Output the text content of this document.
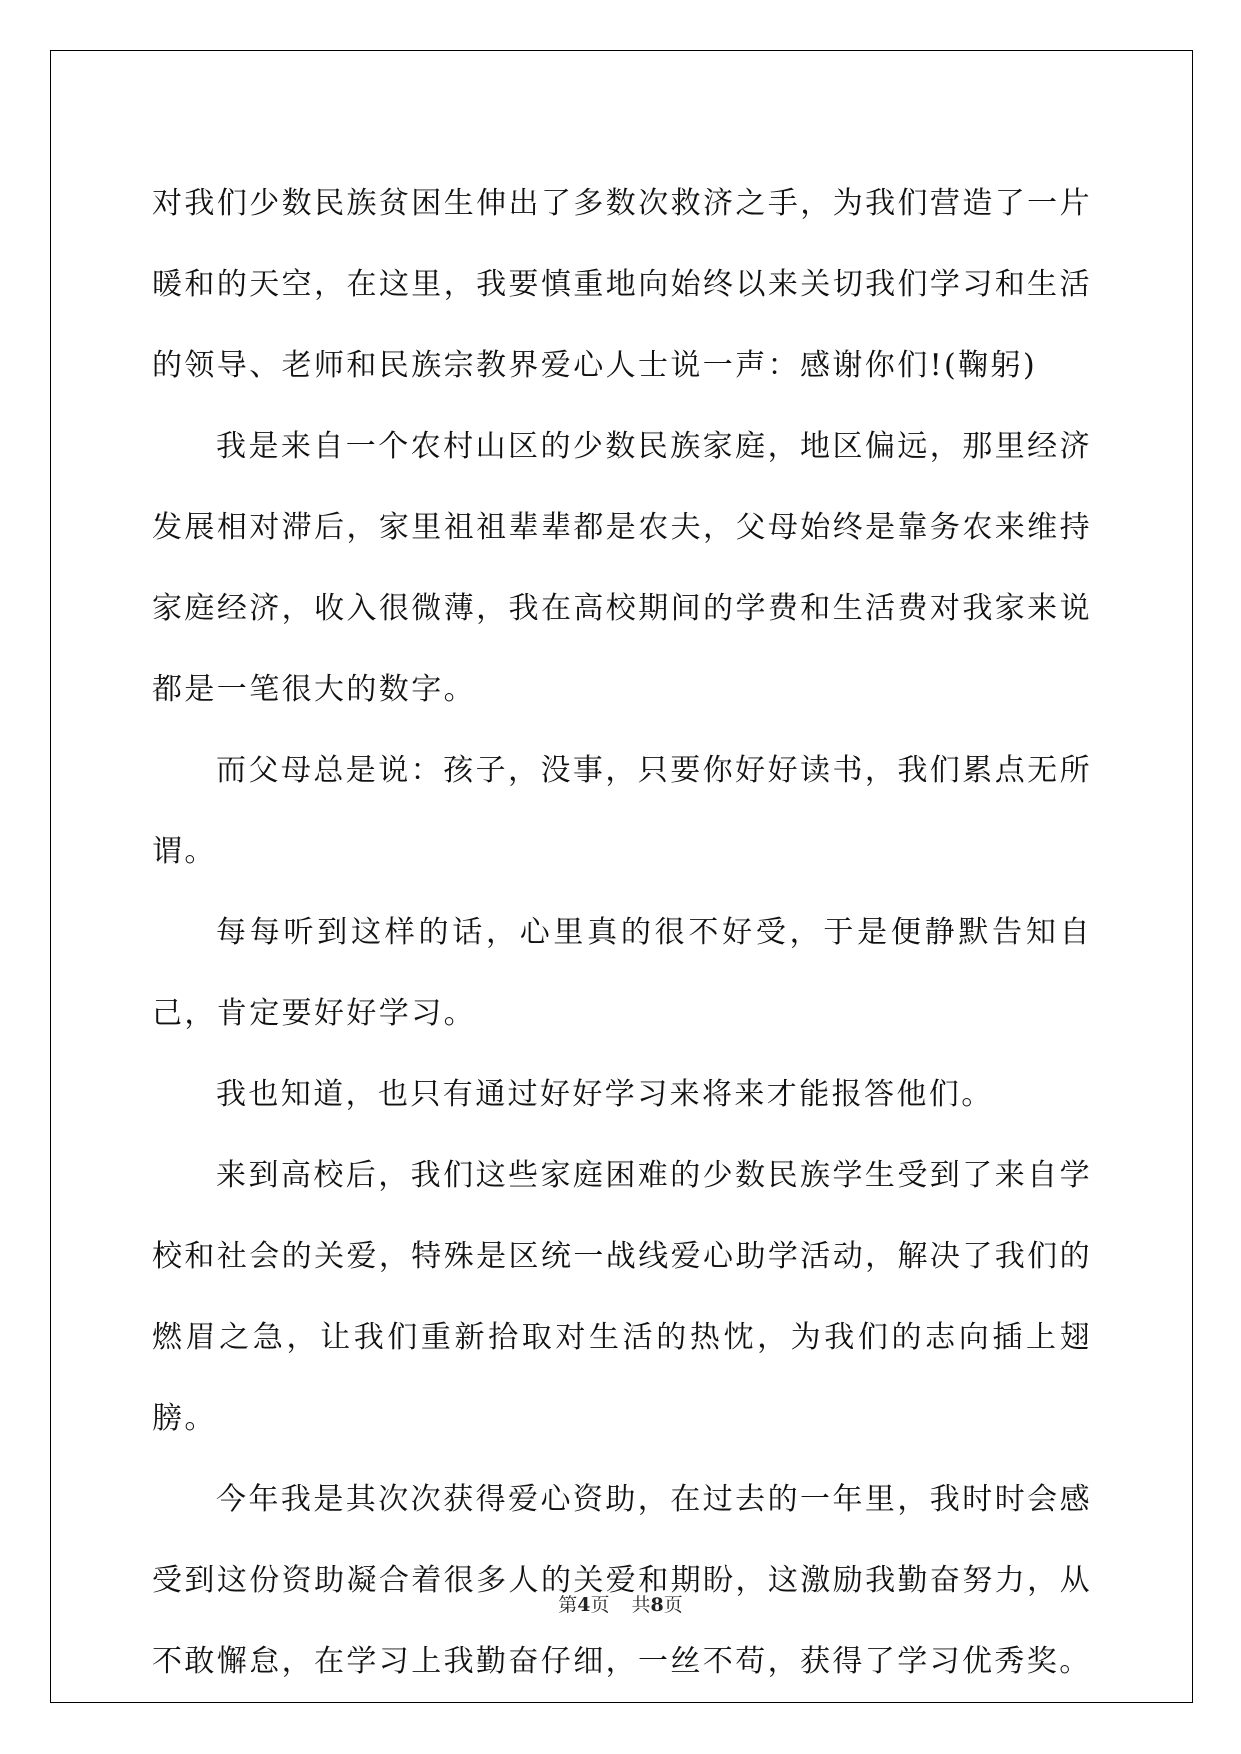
对我们少数民族贫困生伸出了多数次救济之手，为我们营造了一片暖和的天空，在这里，我要慎重地向始终以来关切我们学习和生活的领导、老师和民族宗教界爱心人士说一声：感谢你们!(鞠躬)

我是来自一个农村山区的少数民族家庭，地区偏远，那里经济发展相对滞后，家里祖祖辈辈都是农夫，父母始终是靠务农来维持家庭经济，收入很微薄，我在高校期间的学费和生活费对我家来说都是一笔很大的数字。

而父母总是说：孩子，没事，只要你好好读书，我们累点无所谓。

每每听到这样的话，心里真的很不好受，于是便静默告知自己，肯定要好好学习。

我也知道，也只有通过好好学习来将来才能报答他们。

来到高校后，我们这些家庭困难的少数民族学生受到了来自学校和社会的关爱，特殊是区统一战线爱心助学活动，解决了我们的燃眉之急，让我们重新拾取对生活的热忱，为我们的志向插上翅膀。

今年我是其次次获得爱心资助，在过去的一年里，我时时会感受到这份资助凝合着很多人的关爱和期盼，这激励我勤奋努力，从不敢懈怠，在学习上我勤奋仔细，一丝不苟，获得了学习优秀奖。

第4页 共8页
